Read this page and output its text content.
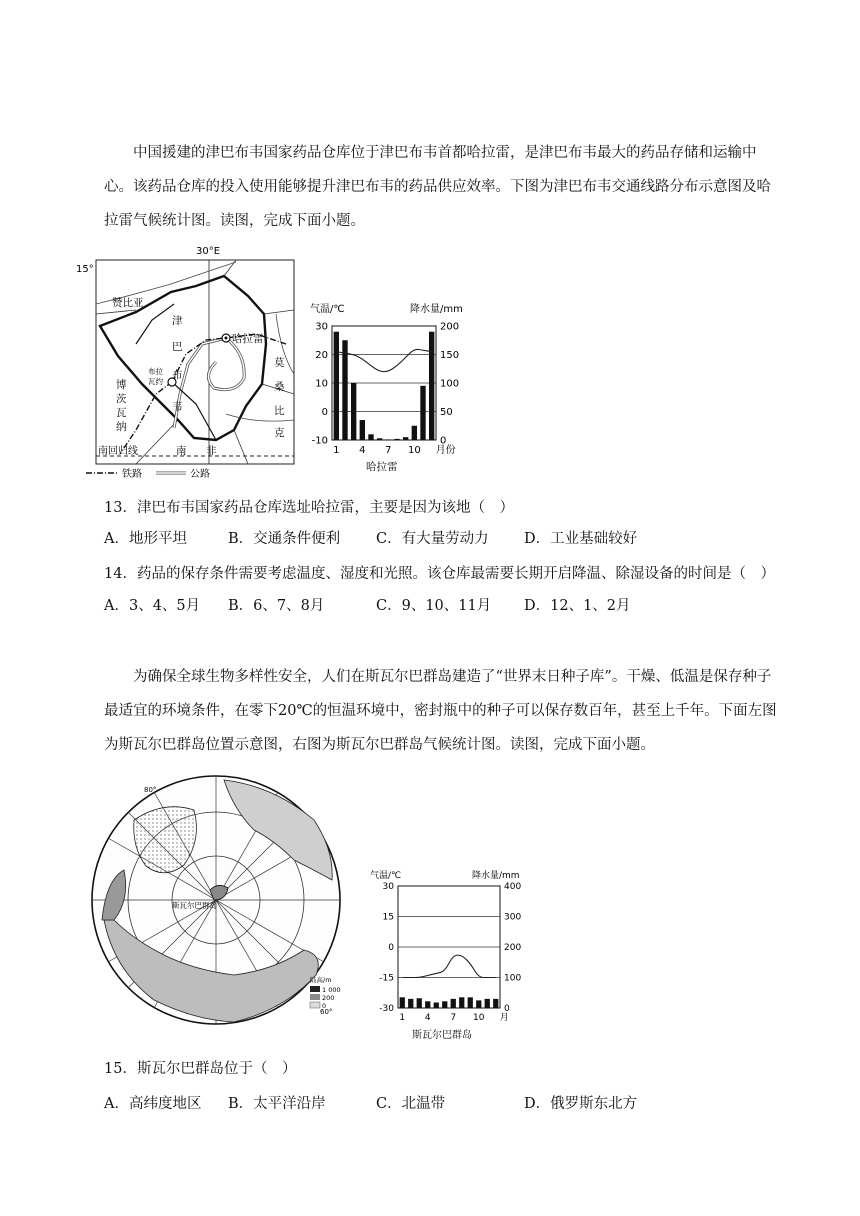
中国援建的津巴布韦国家药品仓库位于津巴布韦首都哈拉雷，是津巴布韦最大的药品存储和运输中
心。该药品仓库的投入使用能够提升津巴布韦的药品供应效率。下图为津巴布韦交通线路分布示意图及哈
拉雷气候统计图。读图，完成下面小题。
30°E
15°
赞比亚
津
巴
布
韦
哈拉雷
布拉
瓦约
博
茨
瓦
纳
莫
桑
比
克
南回归线	南 非
铁路	公路
气温/℃	降水量/mm
哈拉雷
30
20
10
0
-10
200
150
100
50
0
1 4 7 10 月份
13．津巴布韦国家药品仓库选址哈拉雷，主要是因为该地（　）
A．地形平坦	B．交通条件便利 C．有大量劳动力 D．工业基础较好
14．药品的保存条件需要考虑温度、湿度和光照。该仓库最需要长期开启降温、除湿设备的时间是（　）
A．3、4、5月 B．6、7、8月	C．9、10、11月 D．12、1、2月
为确保全球生物多样性安全，人们在斯瓦尔巴群岛建造了“世界末日种子库”。干燥、低温是保存种子
最适宜的环境条件，在零下20℃的恒温环境中，密封瓶中的种子可以保存数百年，甚至上千年。下面左图
为斯瓦尔巴群岛位置示意图，右图为斯瓦尔巴群岛气候统计图。读图，完成下面小题。
斯瓦尔巴群岛
80°
60°
陆高/m
1 000
200
0
气温/℃	降水量/mm
斯瓦尔巴群岛
30
15
0
-15
-30
400
300
200
100
0
1 4 7 10 月
15．斯瓦尔巴群岛位于（　）
A．高纬度地区 B．太平洋沿岸	C．北温带	D．俄罗斯东北方
